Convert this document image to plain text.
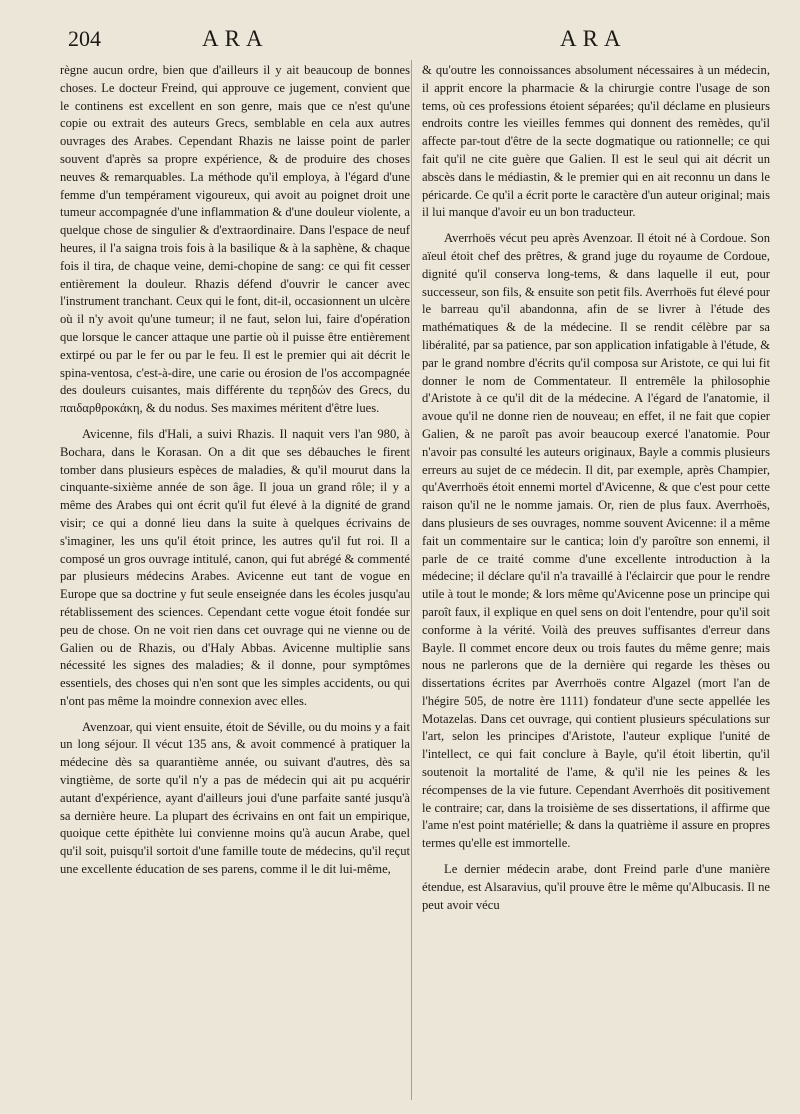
204	ARA	ARA

règne aucun ordre, bien que d'ailleurs il y ait beaucoup de bonnes choses. Le docteur Freind, qui approuve ce jugement, convient que le continens est excellent en son genre, mais que ce n'est qu'une copie ou extrait des auteurs Grecs, semblable en cela aux autres ouvrages des Arabes. Cependant Rhazis ne laisse point de parler souvent d'après sa propre expérience, & de produire des choses neuves & remarquables. La méthode qu'il employa, à l'égard d'une femme d'un tempérament vigoureux, qui avoit au poignet droit une tumeur accompagnée d'une inflammation & d'une douleur violente, a quelque chose de singulier & d'extraordinaire. Dans l'espace de neuf heures, il l'a saigna trois fois à la basilique & à la saphène, & chaque fois il tira, de chaque veine, demi-chopine de sang: ce qui fit cesser entièrement la douleur. Rhazis défend d'ouvrir le cancer avec l'instrument tranchant. Ceux qui le font, dit-il, occasionnent un ulcère où il n'y avoit qu'une tumeur; il ne faut, selon lui, faire d'opération que lorsque le cancer attaque une partie où il puisse être entièrement extirpé ou par le fer ou par le feu. Il est le premier qui ait décrit le spina-ventosa, c'est-à-dire, une carie ou érosion de l'os accompagnée des douleurs cuisantes, mais différente du τερηδών des Grecs, du παιδαρθροκάκη, & du nodus. Ses maximes méritent d'être lues.

Avicenne, fils d'Hali, a suivi Rhazis. Il naquit vers l'an 980, à Bochara, dans le Korasan. On a dit que ses débauches le firent tomber dans plusieurs espèces de maladies, & qu'il mourut dans la cinquante-sixième année de son âge. Il joua un grand rôle; il y a même des Arabes qui ont écrit qu'il fut élevé à la dignité de grand visir; ce qui a donné lieu dans la suite à quelques écrivains de s'imaginer, les uns qu'il étoit prince, les autres qu'il fut roi. Il a composé un gros ouvrage intitulé, canon, qui fut abrégé & commenté par plusieurs médecins Arabes. Avicenne eut tant de vogue en Europe que sa doctrine y fut seule enseignée dans les écoles jusqu'au rétablissement des sciences. Cependant cette vogue étoit fondée sur peu de chose. On ne voit rien dans cet ouvrage qui ne vienne ou de Galien ou de Rhazis, ou d'Haly Abbas. Avicenne multiplie sans nécessité les signes des maladies; & il donne, pour symptômes essentiels, des choses qui n'en sont que les simples accidents, ou qui n'ont pas même la moindre connexion avec elles.

Avenzoar, qui vient ensuite, étoit de Séville, ou du moins y a fait un long séjour. Il vécut 135 ans, & avoit commencé à pratiquer la médecine dès sa quarantième année, ou suivant d'autres, dès sa vingtième, de sorte qu'il n'y a pas de médecin qui ait pu acquérir autant d'expérience, ayant d'ailleurs joui d'une parfaite santé jusqu'à sa dernière heure. La plupart des écrivains en ont fait un empirique, quoique cette épithète lui convienne moins qu'à aucun Arabe, quel qu'il soit, puisqu'il sortoit d'une famille toute de médecins, qu'il reçut une excellente éducation de ses parens, comme il le dit lui-même,

& qu'outre les connoissances absolument nécessaires à un médecin, il apprit encore la pharmacie & la chirurgie contre l'usage de son tems, où ces professions étoient séparées; qu'il déclame en plusieurs endroits contre les vieilles femmes qui donnent des remèdes, qu'il affecte par-tout d'être de la secte dogmatique ou rationnelle; ce qui fait qu'il ne cite guère que Galien. Il est le seul qui ait décrit un abscès dans le médiastin, & le premier qui en ait reconnu un dans le péricarde. Ce qu'il a écrit porte le caractère d'un auteur original; mais il lui manque d'avoir eu un bon traducteur.

Averrhoës vécut peu après Avenzoar. Il étoit né à Cordoue. Son aïeul étoit chef des prêtres, & grand juge du royaume de Cordoue, dignité qu'il conserva long-tems, & dans laquelle il eut, pour successeur, son fils, & ensuite son petit fils. Averrhoës fut élevé pour le barreau qu'il abandonna, afin de se livrer à l'étude des mathématiques & de la médecine. Il se rendit célèbre par sa libéralité, par sa patience, par son application infatigable à l'étude, & par le grand nombre d'écrits qu'il composa sur Aristote, ce qui lui fit donner le nom de Commentateur. Il entremêle la philosophie d'Aristote à ce qu'il dit de la médecine. A l'égard de l'anatomie, il avoue qu'il ne donne rien de nouveau; en effet, il ne fait que copier Galien, & ne paroît pas avoir beaucoup exercé l'anatomie. Pour n'avoir pas consulté les auteurs originaux, Bayle a commis plusieurs erreurs au sujet de ce médecin. Il dit, par exemple, après Champier, qu'Averrhoës étoit ennemi mortel d'Avicenne, & que c'est pour cette raison qu'il ne le nomme jamais. Or, rien de plus faux. Averrhoës, dans plusieurs de ses ouvrages, nomme souvent Avicenne: il a même fait un commentaire sur le cantica; loin d'y paroître son ennemi, il parle de ce traité comme d'une excellente introduction à la médecine; il déclare qu'il n'a travaillé à l'éclaircir que pour le rendre utile à tout le monde; & lors même qu'Avicenne pose un principe qui paroît faux, il explique en quel sens on doit l'entendre, pour qu'il soit conforme à la vérité. Voilà des preuves suffisantes d'erreur dans Bayle. Il commet encore deux ou trois fautes du même genre; mais nous ne parlerons que de la dernière qui regarde les thèses ou dissertations écrites par Averrhoës contre Algazel (mort l'an de l'hégire 505, de notre ère 1111) fondateur d'une secte appellée les Motazelas. Dans cet ouvrage, qui contient plusieurs spéculations sur l'art, selon les principes d'Aristote, l'auteur explique l'unité de l'intellect, ce qui fait conclure à Bayle, qu'il étoit libertin, qu'il soutenoit la mortalité de l'ame, & qu'il nie les peines & les récompenses de la vie future. Cependant Averrhoës dit positivement le contraire; car, dans la troisième de ses dissertations, il affirme que l'ame n'est point matérielle; & dans la quatrième il assure en propres termes qu'elle est immortelle.

Le dernier médecin arabe, dont Freind parle d'une manière étendue, est Alsaravius, qu'il prouve être le même qu'Albucasis. Il ne peut avoir vécu
